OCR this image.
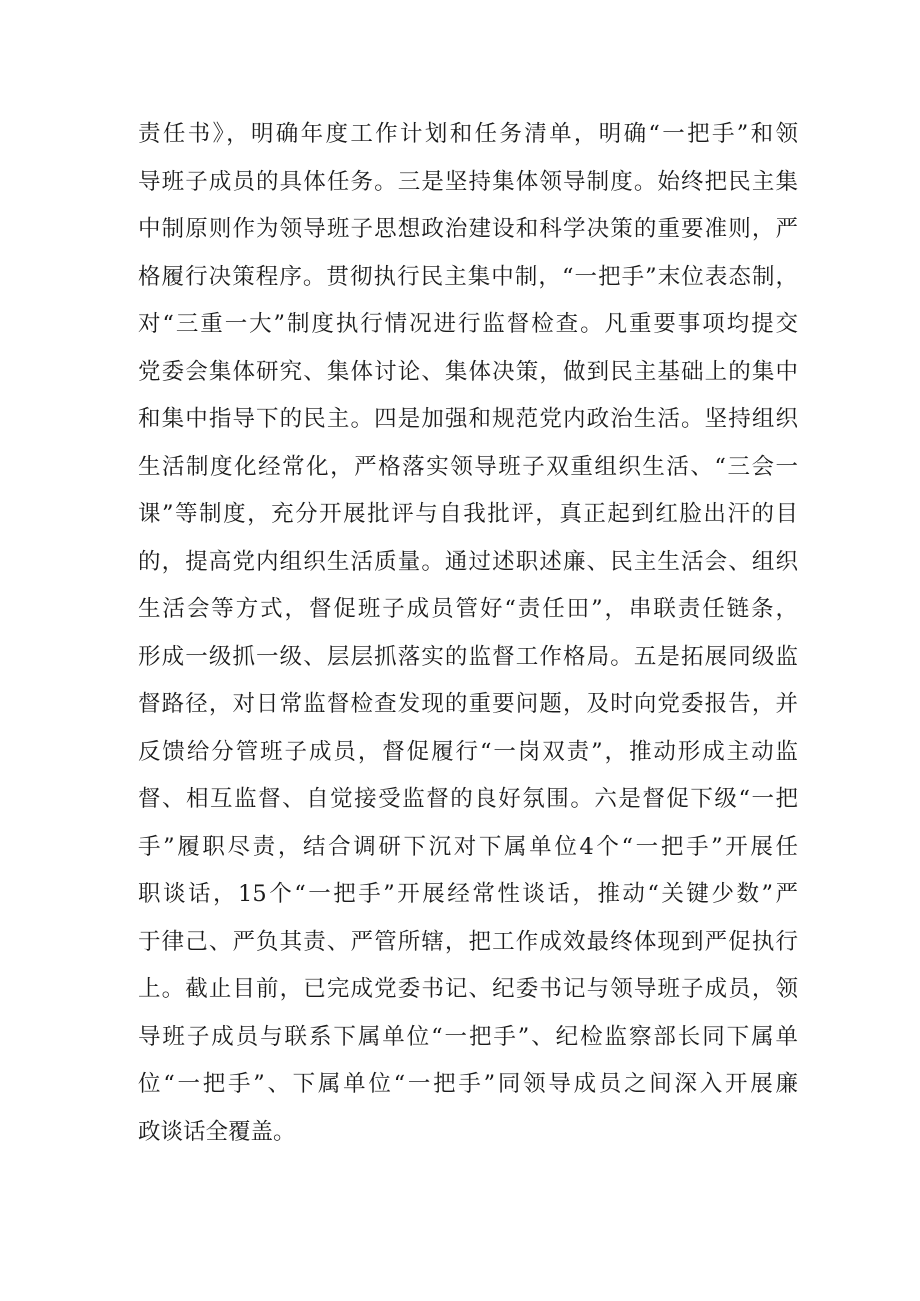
责任书》，明确年度工作计划和任务清单，明确“一把手”和领
导班子成员的具体任务。三是坚持集体领导制度。始终把民主集
中制原则作为领导班子思想政治建设和科学决策的重要准则，严
格履行决策程序。贯彻执行民主集中制，“一把手”末位表态制，
对“三重一大”制度执行情况进行监督检查。凡重要事项均提交
党委会集体研究、集体讨论、集体决策，做到民主基础上的集中
和集中指导下的民主。四是加强和规范党内政治生活。坚持组织
生活制度化经常化，严格落实领导班子双重组织生活、“三会一
课”等制度，充分开展批评与自我批评，真正起到红脸出汗的目
的，提高党内组织生活质量。通过述职述廉、民主生活会、组织
生活会等方式，督促班子成员管好“责任田”，串联责任链条，
形成一级抓一级、层层抓落实的监督工作格局。五是拓展同级监
督路径，对日常监督检查发现的重要问题，及时向党委报告，并
反馈给分管班子成员，督促履行“一岗双责”，推动形成主动监
督、相互监督、自觉接受监督的良好氛围。六是督促下级“一把
手”履职尽责，结合调研下沉对下属单位4个“一把手”开展任
职谈话，15个“一把手”开展经常性谈话，推动“关键少数”严
于律己、严负其责、严管所辖，把工作成效最终体现到严促执行
上。截止目前，已完成党委书记、纪委书记与领导班子成员，领
导班子成员与联系下属单位“一把手”、纪检监察部长同下属单
位“一把手”、下属单位“一把手”同领导成员之间深入开展廉
政谈话全覆盖。
